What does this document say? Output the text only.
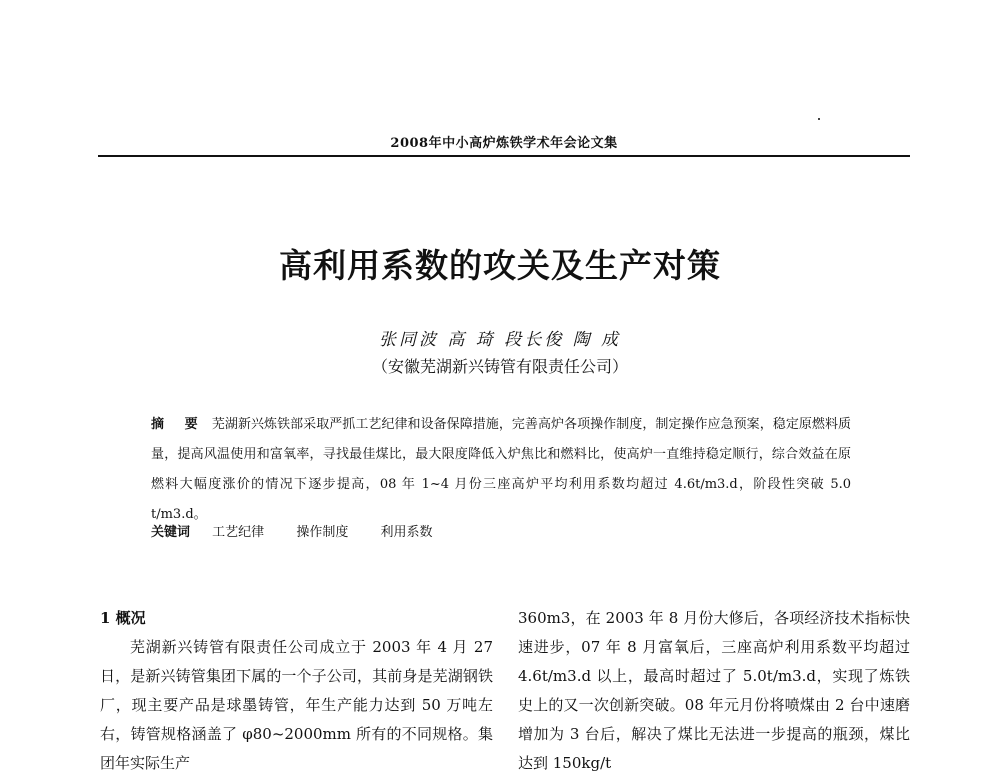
2008年中小高炉炼铁学术年会论文集
高利用系数的攻关及生产对策
张同波 高 琦 段长俊 陶 成
（安徽芜湖新兴铸管有限责任公司）
摘 要 芜湖新兴炼铁部采取严抓工艺纪律和设备保障措施，完善高炉各项操作制度，制定操作应急预案，稳定原燃料质量，提高风温使用和富氧率，寻找最佳煤比，最大限度降低入炉焦比和燃料比，使高炉一直维持稳定顺行，综合效益在原燃料大幅度涨价的情况下逐步提高，08 年 1~4 月份三座高炉平均利用系数均超过 4.6t/m3.d，阶段性突破 5.0 t/m3.d。
关键词 工艺纪律 操作制度 利用系数

1 概况

芜湖新兴铸管有限责任公司成立于 2003 年 4 月 27 日，是新兴铸管集团下属的一个子公司，其前身是芜湖钢铁厂，现主要产品是球墨铸管，年生产能力达到 50 万吨左右，铸管规格涵盖了 φ80~2000mm 所有的不同规格。集团年实际生产

360m3，在 2003 年 8 月份大修后，各项经济技术指标快速进步，07 年 8 月富氧后，三座高炉利用系数平均超过 4.6t/m3.d 以上，最高时超过了 5.0t/m3.d，实现了炼铁史上的又一次创新突破。08 年元月份将喷煤由 2 台中速磨增加为 3 台后，解决了煤比无法进一步提高的瓶颈，煤比达到 150kg/t
